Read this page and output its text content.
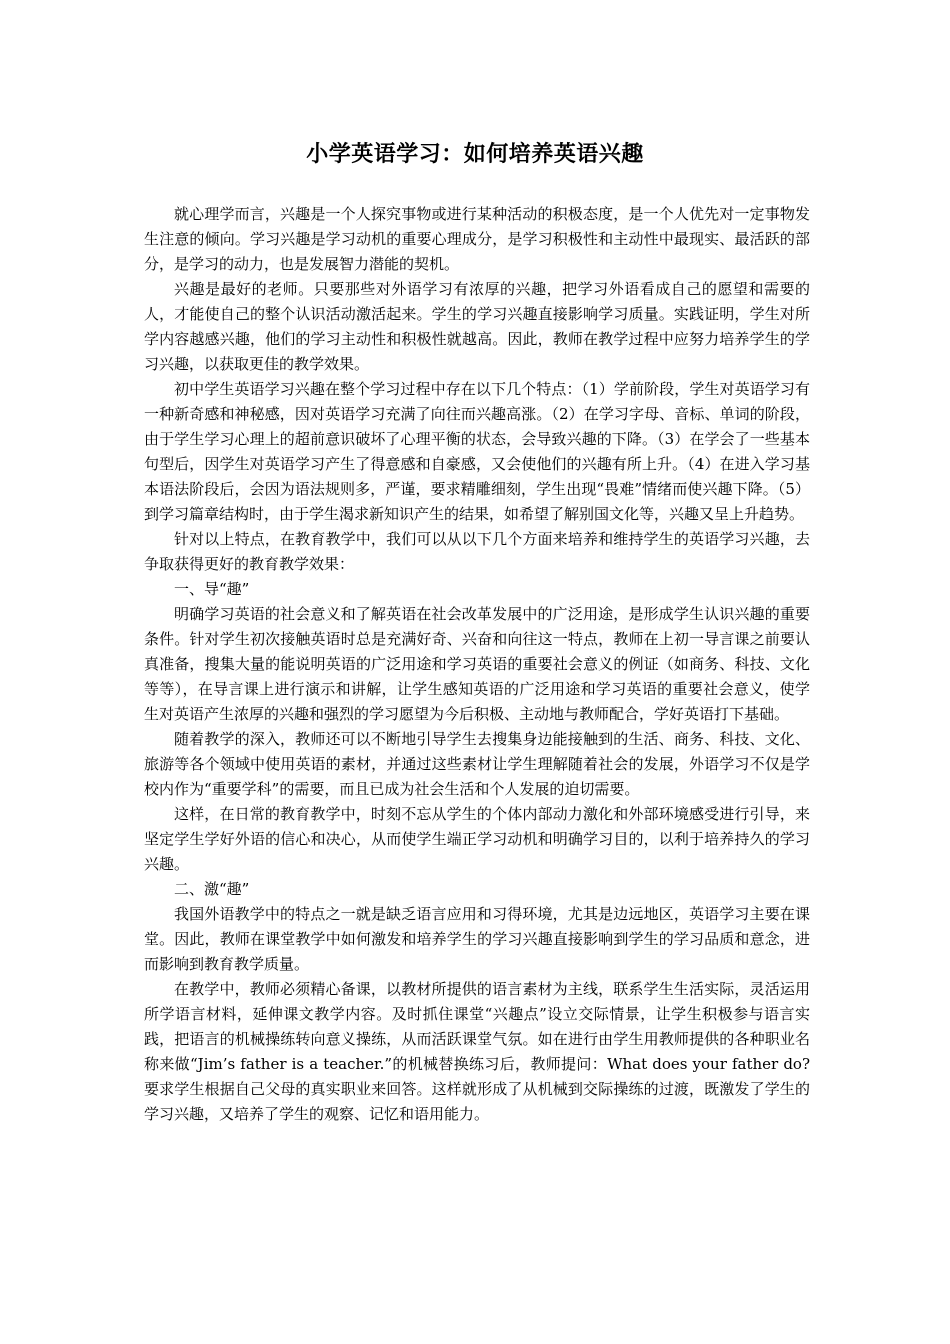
小学英语学习：如何培养英语兴趣

就心理学而言，兴趣是一个人探究事物或进行某种活动的积极态度，是一个人优先对一定事物发生注意的倾向。学习兴趣是学习动机的重要心理成分，是学习积极性和主动性中最现实、最活跃的部分，是学习的动力，也是发展智力潜能的契机。

兴趣是最好的老师。只要那些对外语学习有浓厚的兴趣，把学习外语看成自己的愿望和需要的人，才能使自己的整个认识活动激活起来。学生的学习兴趣直接影响学习质量。实践证明，学生对所学内容越感兴趣，他们的学习主动性和积极性就越高。因此，教师在教学过程中应努力培养学生的学习兴趣，以获取更佳的教学效果。

初中学生英语学习兴趣在整个学习过程中存在以下几个特点：（1）学前阶段，学生对英语学习有一种新奇感和神秘感，因对英语学习充满了向往而兴趣高涨。（2）在学习字母、音标、单词的阶段，由于学生学习心理上的超前意识破坏了心理平衡的状态，会导致兴趣的下降。（3）在学会了一些基本句型后，因学生对英语学习产生了得意感和自豪感，又会使他们的兴趣有所上升。（4）在进入学习基本语法阶段后，会因为语法规则多，严谨，要求精雕细刻，学生出现“畏难”情绪而使兴趣下降。（5）到学习篇章结构时，由于学生渴求新知识产生的结果，如希望了解别国文化等，兴趣又呈上升趋势。

针对以上特点，在教育教学中，我们可以从以下几个方面来培养和维持学生的英语学习兴趣，去争取获得更好的教育教学效果：

一、导“趣”

明确学习英语的社会意义和了解英语在社会改革发展中的广泛用途，是形成学生认识兴趣的重要条件。针对学生初次接触英语时总是充满好奇、兴奋和向往这一特点，教师在上初一导言课之前要认真准备，搜集大量的能说明英语的广泛用途和学习英语的重要社会意义的例证（如商务、科技、文化等等），在导言课上进行演示和讲解，让学生感知英语的广泛用途和学习英语的重要社会意义，使学生对英语产生浓厚的兴趣和强烈的学习愿望为今后积极、主动地与教师配合，学好英语打下基础。

随着教学的深入，教师还可以不断地引导学生去搜集身边能接触到的生活、商务、科技、文化、旅游等各个领域中使用英语的素材，并通过这些素材让学生理解随着社会的发展，外语学习不仅是学校内作为“重要学科”的需要，而且已成为社会生活和个人发展的迫切需要。

这样，在日常的教育教学中，时刻不忘从学生的个体内部动力激化和外部环境感受进行引导，来坚定学生学好外语的信心和决心，从而使学生端正学习动机和明确学习目的，以利于培养持久的学习兴趣。

二、激“趣”

我国外语教学中的特点之一就是缺乏语言应用和习得环境，尤其是边远地区，英语学习主要在课堂。因此，教师在课堂教学中如何激发和培养学生的学习兴趣直接影响到学生的学习品质和意念，进而影响到教育教学质量。

在教学中，教师必须精心备课，以教材所提供的语言素材为主线，联系学生生活实际，灵活运用所学语言材料，延伸课文教学内容。及时抓住课堂“兴趣点”设立交际情景，让学生积极参与语言实践，把语言的机械操练转向意义操练，从而活跃课堂气氛。如在进行由学生用教师提供的各种职业名称来做“Jim’s father is a teacher.”的机械替换练习后，教师提问：What does your father do?要求学生根据自己父母的真实职业来回答。这样就形成了从机械到交际操练的过渡，既激发了学生的学习兴趣，又培养了学生的观察、记忆和语用能力。
